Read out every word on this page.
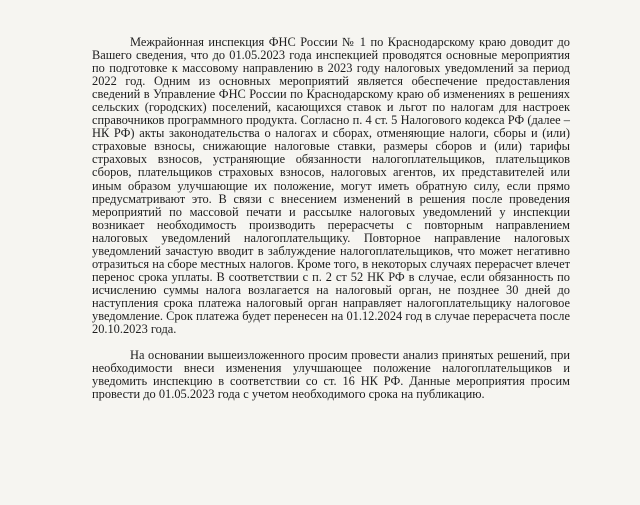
Межрайонная инспекция ФНС России № 1 по Краснодарскому краю доводит до Вашего сведения, что до 01.05.2023 года инспекцией проводятся основные мероприятия по подготовке к массовому направлению в 2023 году налоговых уведомлений за период 2022 год. Одним из основных мероприятий является обеспечение предоставления сведений в Управление ФНС России по Краснодарскому краю об изменениях в решениях сельских (городских) поселений, касающихся ставок и льгот по налогам для настроек справочников программного продукта. Согласно п. 4 ст. 5 Налогового кодекса РФ (далее – НК РФ) акты законодательства о налогах и сборах, отменяющие налоги, сборы и (или) страховые взносы, снижающие налоговые ставки, размеры сборов и (или) тарифы страховых взносов, устраняющие обязанности налогоплательщиков, плательщиков сборов, плательщиков страховых взносов, налоговых агентов, их представителей или иным образом улучшающие их положение, могут иметь обратную силу, если прямо предусматривают это. В связи с внесением изменений в решения после проведения мероприятий по массовой печати и рассылке налоговых уведомлений у инспекции возникает необходимость производить перерасчеты с повторным направлением налоговых уведомлений налогоплательщику. Повторное направление налоговых уведомлений зачастую вводит в заблуждение налогоплательщиков, что может негативно отразиться на сборе местных налогов. Кроме того, в некоторых случаях перерасчет влечет перенос срока уплаты. В соответствии с п. 2 ст 52 НК РФ в случае, если обязанность по исчислению суммы налога возлагается на налоговый орган, не позднее 30 дней до наступления срока платежа налоговый орган направляет налогоплательщику налоговое уведомление. Срок платежа будет перенесен на 01.12.2024 год в случае перерасчета после 20.10.2023 года.

На основании вышеизложенного просим провести анализ принятых решений, при необходимости внеси изменения улучшающее положение налогоплательщиков и уведомить инспекцию в соответствии со ст. 16 НК РФ. Данные мероприятия просим провести до 01.05.2023 года с учетом необходимого срока на публикацию.
